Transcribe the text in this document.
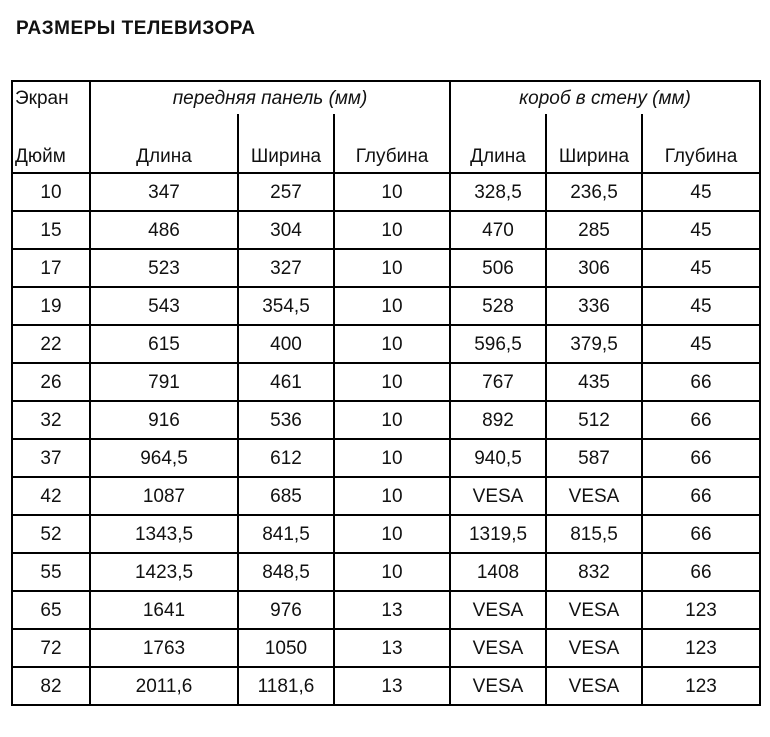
РАЗМЕРЫ ТЕЛЕВИЗОРА
Экран	передняя панель (мм)			короб в стену (мм)		
Дюйм	Длина	Ширина	Глубина	Длина	Ширина	Глубина
10	347	257	10	328,5	236,5	45
15	486	304	10	470	285	45
17	523	327	10	506	306	45
19	543	354,5	10	528	336	45
22	615	400	10	596,5	379,5	45
26	791	461	10	767	435	66
32	916	536	10	892	512	66
37	964,5	612	10	940,5	587	66
42	1087	685	10	VESA	VESA	66
52	1343,5	841,5	10	1319,5	815,5	66
55	1423,5	848,5	10	1408	832	66
65	1641	976	13	VESA	VESA	123
72	1763	1050	13	VESA	VESA	123
82	2011,6	1181,6	13	VESA	VESA	123
